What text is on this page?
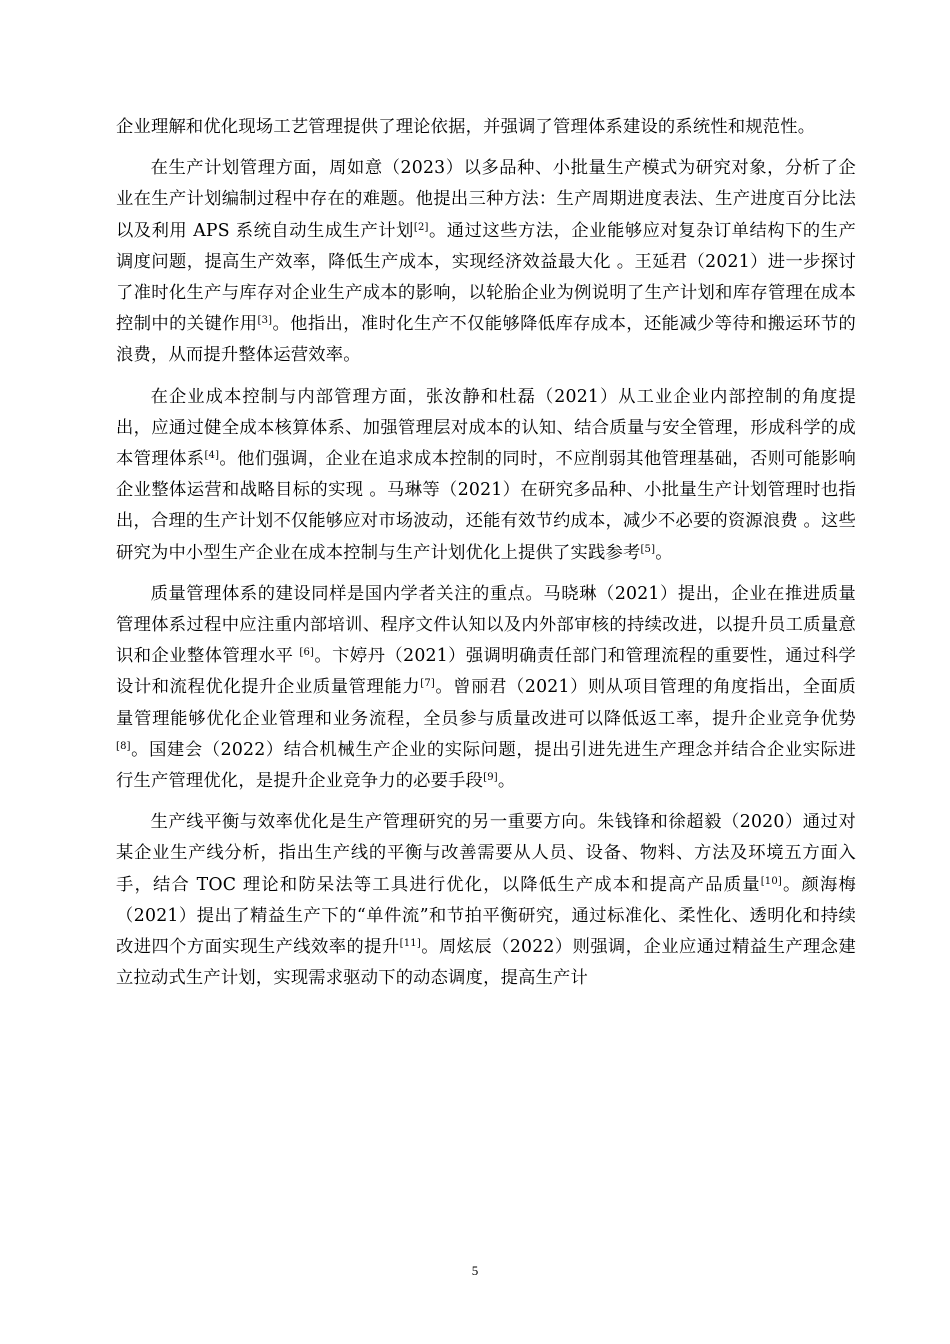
企业理解和优化现场工艺管理提供了理论依据，并强调了管理体系建设的系统性和规范性。

在生产计划管理方面，周如意（2023）以多品种、小批量生产模式为研究对象，分析了企业在生产计划编制过程中存在的难题。他提出三种方法：生产周期进度表法、生产进度百分比法以及利用 APS 系统自动生成生产计划[2]。通过这些方法，企业能够应对复杂订单结构下的生产调度问题，提高生产效率，降低生产成本，实现经济效益最大化 。王延君（2021）进一步探讨了准时化生产与库存对企业生产成本的影响，以轮胎企业为例说明了生产计划和库存管理在成本控制中的关键作用[3]。他指出，准时化生产不仅能够降低库存成本，还能减少等待和搬运环节的浪费，从而提升整体运营效率。

在企业成本控制与内部管理方面，张汝静和杜磊（2021）从工业企业内部控制的角度提出，应通过健全成本核算体系、加强管理层对成本的认知、结合质量与安全管理，形成科学的成本管理体系[4]。他们强调，企业在追求成本控制的同时，不应削弱其他管理基础，否则可能影响企业整体运营和战略目标的实现 。马琳等（2021）在研究多品种、小批量生产计划管理时也指出，合理的生产计划不仅能够应对市场波动，还能有效节约成本，减少不必要的资源浪费 。这些研究为中小型生产企业在成本控制与生产计划优化上提供了实践参考[5]。

质量管理体系的建设同样是国内学者关注的重点。马晓琳（2021）提出，企业在推进质量管理体系过程中应注重内部培训、程序文件认知以及内外部审核的持续改进，以提升员工质量意识和企业整体管理水平 [6]。卞婷丹（2021）强调明确责任部门和管理流程的重要性，通过科学设计和流程优化提升企业质量管理能力[7]。曾丽君（2021）则从项目管理的角度指出，全面质量管理能够优化企业管理和业务流程，全员参与质量改进可以降低返工率，提升企业竞争优势[8]。国建会（2022）结合机械生产企业的实际问题，提出引进先进生产理念并结合企业实际进行生产管理优化，是提升企业竞争力的必要手段[9]。

生产线平衡与效率优化是生产管理研究的另一重要方向。朱钱锋和徐超毅（2020）通过对某企业生产线分析，指出生产线的平衡与改善需要从人员、设备、物料、方法及环境五方面入手，结合 TOC 理论和防呆法等工具进行优化，以降低生产成本和提高产品质量[10]。颜海梅（2021）提出了精益生产下的“单件流”和节拍平衡研究，通过标准化、柔性化、透明化和持续改进四个方面实现生产线效率的提升[11]。周炫辰（2022）则强调，企业应通过精益生产理念建立拉动式生产计划，实现需求驱动下的动态调度，提高生产计

5
